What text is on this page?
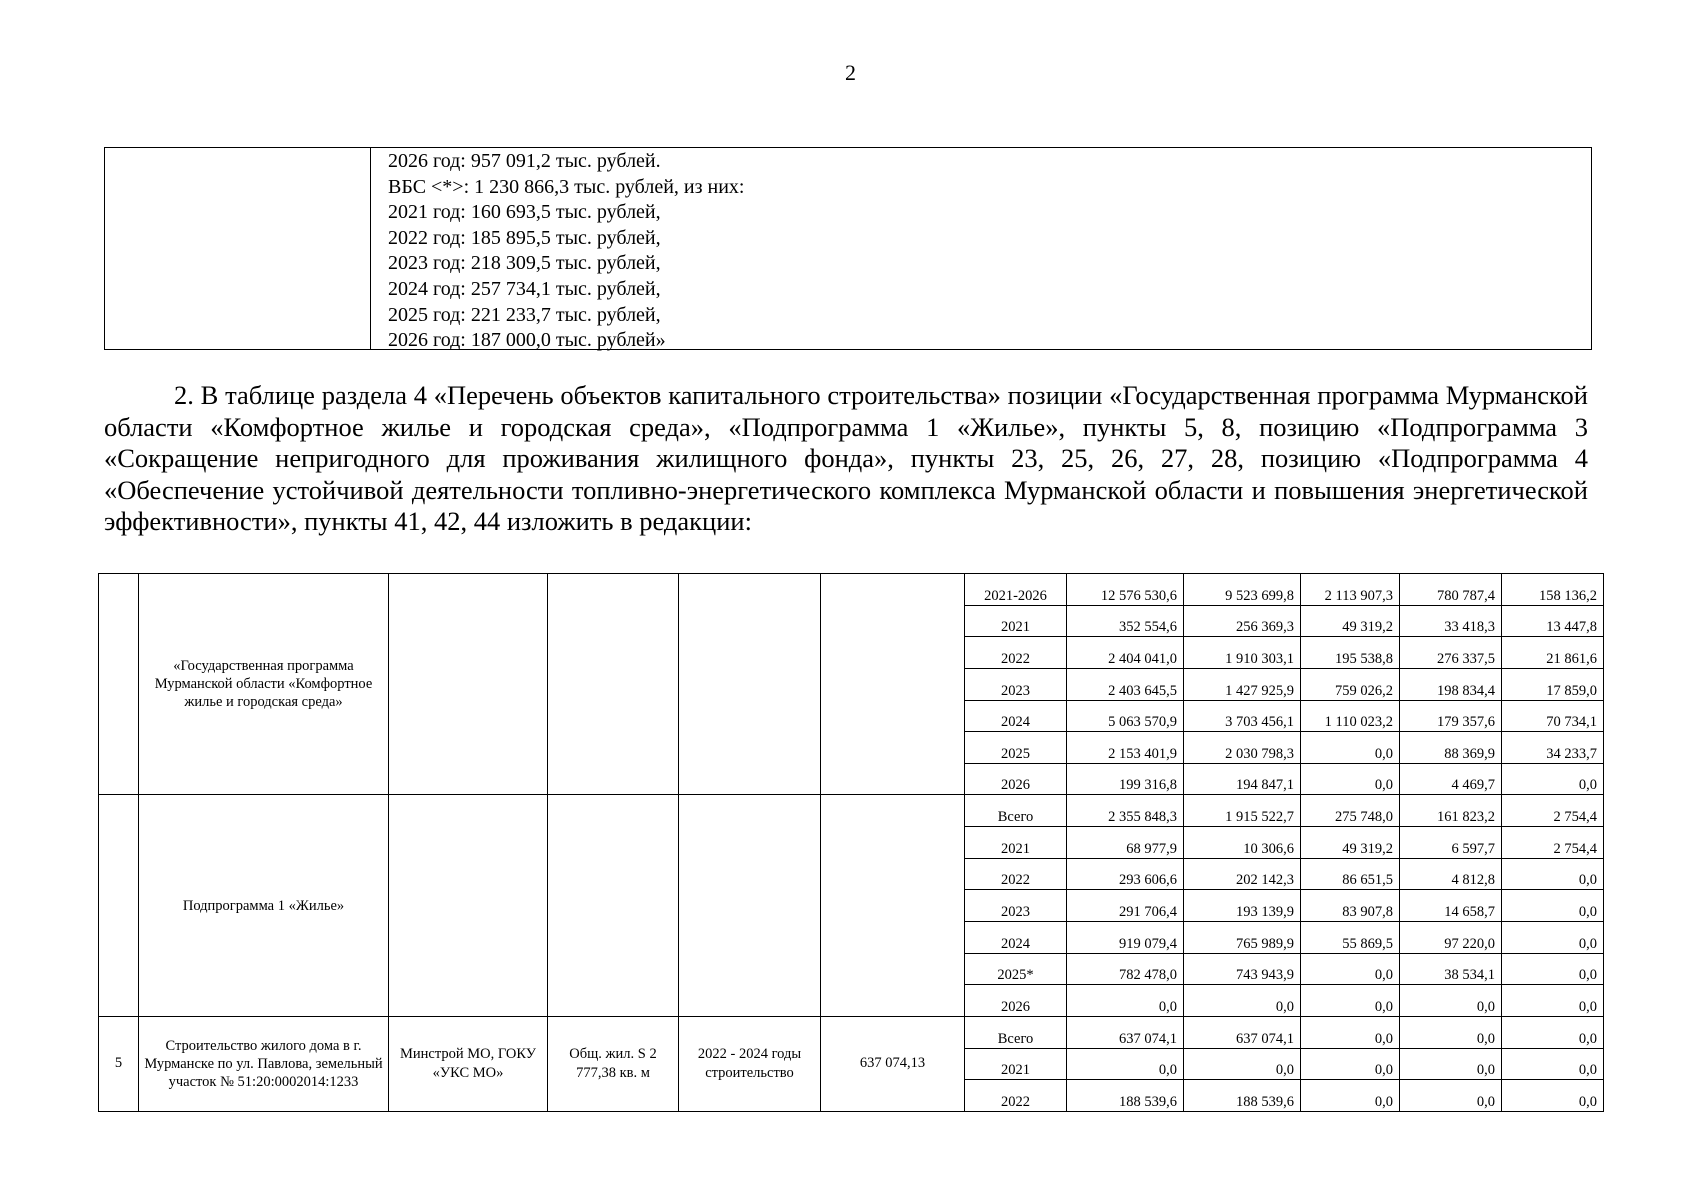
2
2026 год: 957 091,2 тыс. рублей.
ВБС <*>: 1 230 866,3 тыс. рублей, из них:
2021 год: 160 693,5 тыс. рублей,
2022 год: 185 895,5 тыс. рублей,
2023 год: 218 309,5 тыс. рублей,
2024 год: 257 734,1 тыс. рублей,
2025 год: 221 233,7 тыс. рублей,
2026 год: 187 000,0 тыс. рублей»

2. В таблице раздела 4 «Перечень объектов капитального строительства» позиции «Государственная программа Мурманской области «Комфортное жилье и городская среда», «Подпрограмма 1 «Жилье», пункты 5, 8, позицию «Подпрограмма 3 «Сокращение непригодного для проживания жилищного фонда», пункты 23, 25, 26, 27, 28, позицию «Подпрограмма 4 «Обеспечение устойчивой деятельности топливно-энергетического комплекса Мурманской области и повышения энергетической эффективности», пункты 41, 42, 44 изложить в редакции:

	«Государственная программа Мурманской области «Комфортное жилье и городская среда»					2021-2026	12 576 530,6	9 523 699,8	2 113 907,3	780 787,4	158 136,2
						2021	352 554,6	256 369,3	49 319,2	33 418,3	13 447,8
						2022	2 404 041,0	1 910 303,1	195 538,8	276 337,5	21 861,6
						2023	2 403 645,5	1 427 925,9	759 026,2	198 834,4	17 859,0
						2024	5 063 570,9	3 703 456,1	1 110 023,2	179 357,6	70 734,1
						2025	2 153 401,9	2 030 798,3	0,0	88 369,9	34 233,7
						2026	199 316,8	194 847,1	0,0	4 469,7	0,0
	Подпрограмма 1 «Жилье»					Всего	2 355 848,3	1 915 522,7	275 748,0	161 823,2	2 754,4
						2021	68 977,9	10 306,6	49 319,2	6 597,7	2 754,4
						2022	293 606,6	202 142,3	86 651,5	4 812,8	0,0
						2023	291 706,4	193 139,9	83 907,8	14 658,7	0,0
						2024	919 079,4	765 989,9	55 869,5	97 220,0	0,0
						2025*	782 478,0	743 943,9	0,0	38 534,1	0,0
						2026	0,0	0,0	0,0	0,0	0,0
5	Строительство жилого дома в г. Мурманске по ул. Павлова, земельный участок № 51:20:0002014:1233	Минстрой МО, ГОКУ «УКС МО»	Общ. жил. S 2 777,38 кв. м	2022 - 2024 годы строительство	637 074,13	Всего	637 074,1	637 074,1	0,0	0,0	0,0
						2021	0,0	0,0	0,0	0,0	0,0
						2022	188 539,6	188 539,6	0,0	0,0	0,0
